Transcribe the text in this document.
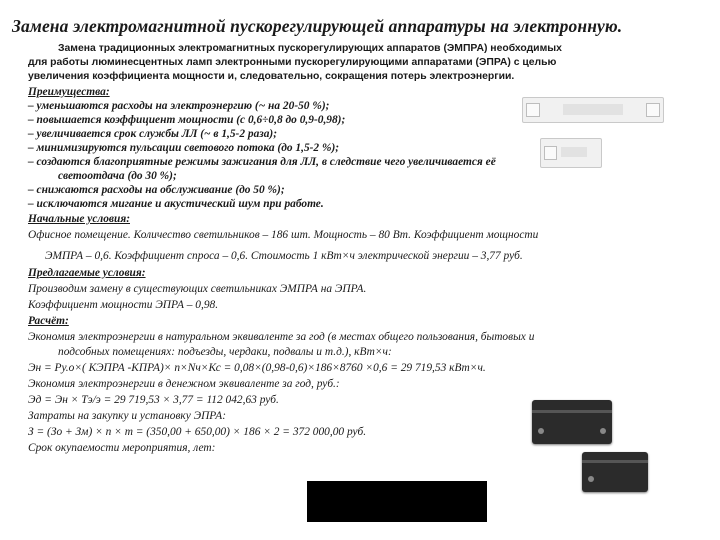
Замена электромагнитной пускорегулирующей аппаратуры на электронную.
Замена традиционных электромагнитных пускорегулирующих аппаратов (ЭМПРА) необходимых
для работы люминесцентных ламп электронными пускорегулирующими аппаратами (ЭПРА) с целью
увеличения коэффициента мощности и, следовательно, сокращения потерь электроэнергии.
Преимущества:
– уменьшаются расходы на электроэнергию (~ на 20-50 %);
– повышается коэффициент мощности (с 0,6÷0,8 до 0,9-0,98);
– увеличивается срок службы ЛЛ (~ в 1,5-2 раза);
– минимизируются пульсации светового потока (до 1,5-2 %);
– создаются благоприятные режимы зажигания для ЛЛ, в следствие чего увеличивается её
светоотдача (до 30 %);
– снижаются расходы на обслуживание (до 50 %);
– исключаются мигание и акустический шум при работе.
Начальные условия:
Офисное помещение. Количество светильников – 186 шт. Мощность – 80 Вт. Коэффициент мощности
ЭМПРА – 0,6. Коэффициент спроса – 0,6. Стоимость 1 кВт×ч электрической энергии – 3,77 руб.
Предлагаемые условия:
Производим замену в существующих светильниках ЭМПРА на ЭПРА.
Коэффициент мощности ЭПРА – 0,98.
Расчёт:
Экономия электроэнергии в натуральном эквиваленте за год (в местах общего пользования, бытовых и
подсобных помещениях: подъезды, чердаки, подвалы и т.д.), кВт×ч:
Эн = Ру.о×( КЭПРА -КПРА)× п×Nч×Кс = 0,08×(0,98-0,6)×186×8760 ×0,6 = 29 719,53 кВт×ч.
Экономия электроэнергии в денежном эквиваленте за год, руб.:
Эд = Эн × Тэ/э = 29 719,53 × 3,77 = 112 042,63 руб.
Затраты на закупку и установку ЭПРА:
З = (Зо + Зм) × п × т = (350,00 + 650,00) × 186 × 2 = 372 000,00 руб.
Срок окупаемости мероприятия, лет:
